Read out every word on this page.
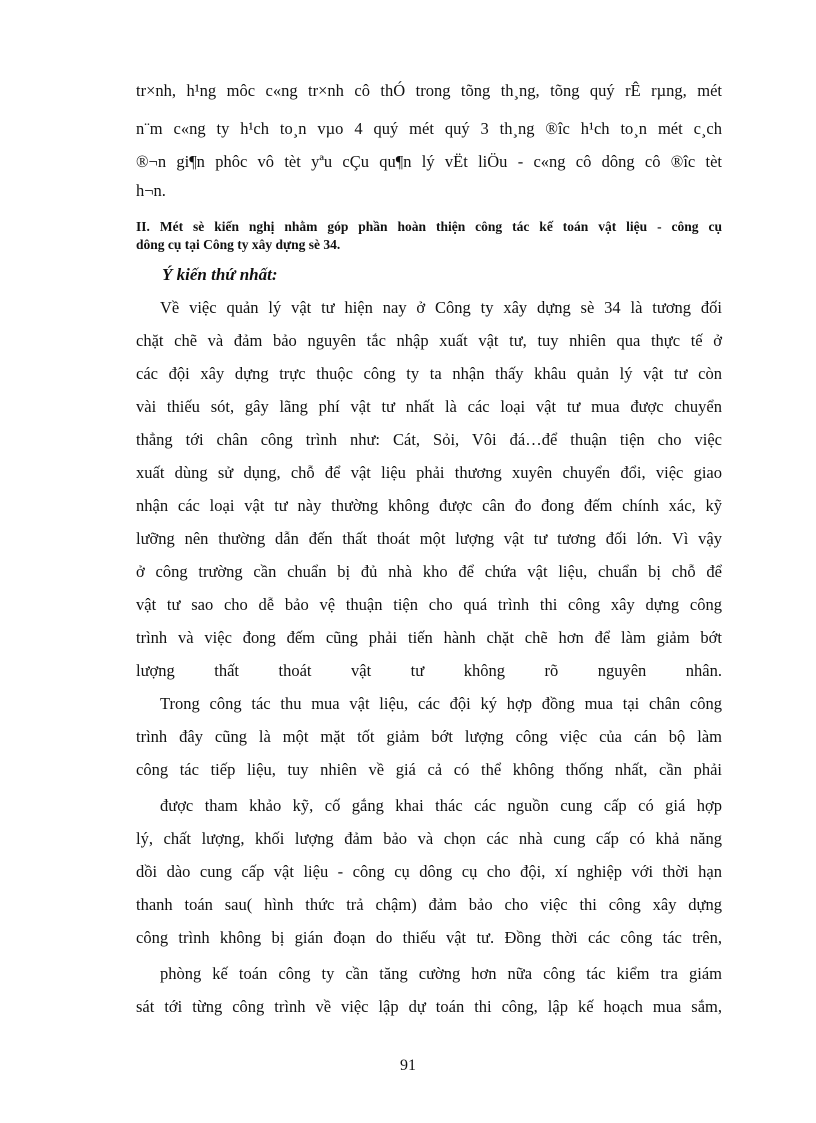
tr×nh, h¹ng môc c«ng tr×nh cô thÓ trong tõng th¸ng, tõng quý rÊ rµng, mét
n¨m c«ng ty h¹ch to¸n vµo 4 quý mét quý 3 th¸ng ®îc h¹ch to¸n mét c¸ch
®¬n gi¶n phôc vô tèt yªu cÇu qu¶n lý vËt liÖu - c«ng cô dông cô ®îc tèt
h¬n.
II. Mét sè kiến nghị nhằm góp phần hoàn thiện công tác kế toán vật liệu - công cụ
dông cụ tại Công ty xây dựng sè 34.
Ý kiến thứ nhất:
Về việc quản lý vật tư hiện nay ở Công ty xây dựng sè 34 là tương đối
chặt chẽ và đảm bảo nguyên tắc nhập xuất vật tư, tuy nhiên qua thực tế ở
các đội xây dựng trực thuộc công ty ta nhận thấy khâu quản lý vật tư còn
vài thiếu sót, gây lãng phí vật tư nhất là các loại vật tư mua được chuyển
thẳng tới chân công trình như: Cát, Sỏi, Vôi đá…để thuận tiện cho việc
xuất dùng sử dụng, chỗ để vật liệu phải thương xuyên chuyển đổi, việc giao
nhận các loại vật tư này thường không được cân đo đong đếm chính xác, kỹ
lưỡng nên thường dẫn đến thất thoát một lượng vật tư tương đối lớn. Vì vậy
ở công trường cần chuẩn bị đủ nhà kho để chứa vật liệu, chuẩn bị chỗ để
vật tư sao cho dễ bảo vệ thuận tiện cho quá trình thi công xây dựng công
trình và việc đong đếm cũng phải tiến hành chặt chẽ hơn để làm giảm bớt
lượng thất thoát vật tư không rõ nguyên nhân.
Trong công tác thu mua vật liệu, các đội ký hợp đồng mua tại chân công
trình đây cũng là một mặt tốt giảm bớt lượng công việc của cán bộ làm
công tác tiếp liệu, tuy nhiên về giá cả có thể không thống nhất, cần phải
được tham khảo kỹ, cố gắng khai thác các nguồn cung cấp có giá hợp
lý, chất lượng, khối lượng đảm bảo và chọn các nhà cung cấp có khả năng
dồi dào cung cấp vật liệu - công cụ dông cụ cho đội, xí nghiệp với thời hạn
thanh toán sau( hình thức trả chậm) đảm bảo cho việc thi công xây dựng
công trình không bị gián đoạn do thiếu vật tư. Đồng thời các công tác trên,
phòng kế toán công ty cần tăng cường hơn nữa công tác kiểm tra giám
sát tới từng công trình về việc lập dự toán thi công, lập kế hoạch mua sắm,
91
